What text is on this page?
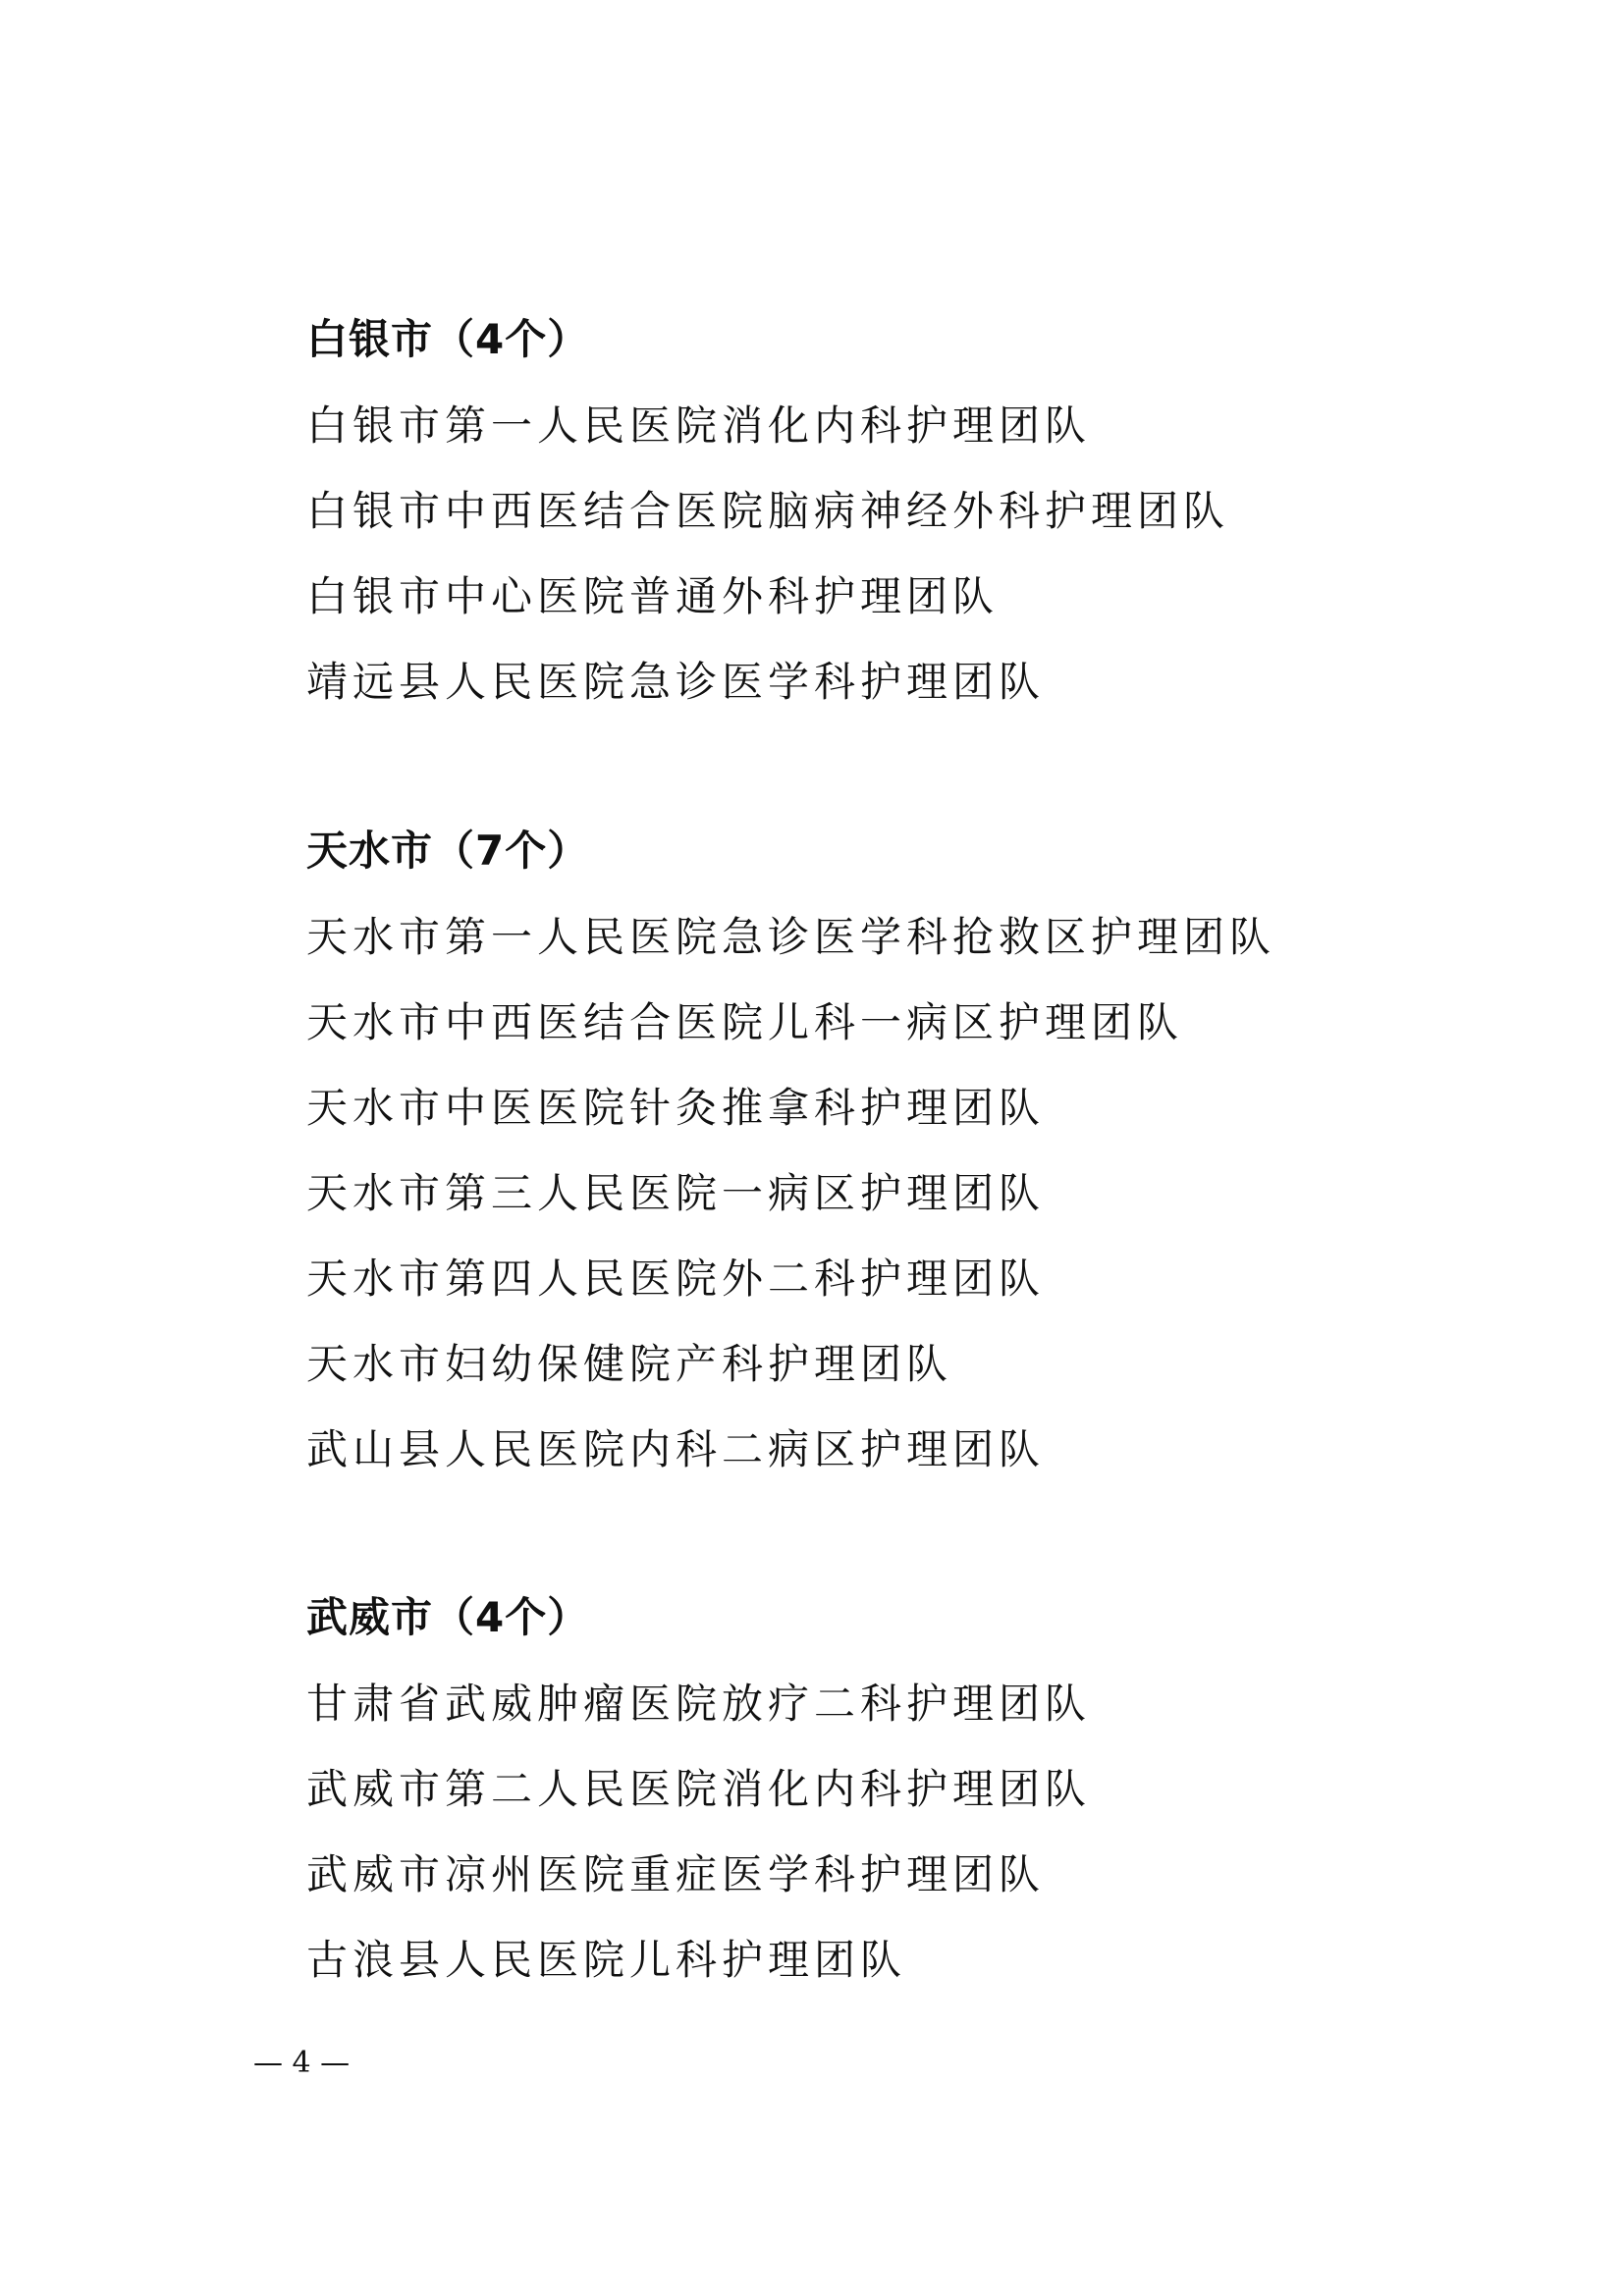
白银市（4个）
白银市第一人民医院消化内科护理团队
白银市中西医结合医院脑病神经外科护理团队
白银市中心医院普通外科护理团队
靖远县人民医院急诊医学科护理团队
天水市（7个）
天水市第一人民医院急诊医学科抢救区护理团队
天水市中西医结合医院儿科一病区护理团队
天水市中医医院针灸推拿科护理团队
天水市第三人民医院一病区护理团队
天水市第四人民医院外二科护理团队
天水市妇幼保健院产科护理团队
武山县人民医院内科二病区护理团队
武威市（4个）
甘肃省武威肿瘤医院放疗二科护理团队
武威市第二人民医院消化内科护理团队
武威市凉州医院重症医学科护理团队
古浪县人民医院儿科护理团队
— 4 —
